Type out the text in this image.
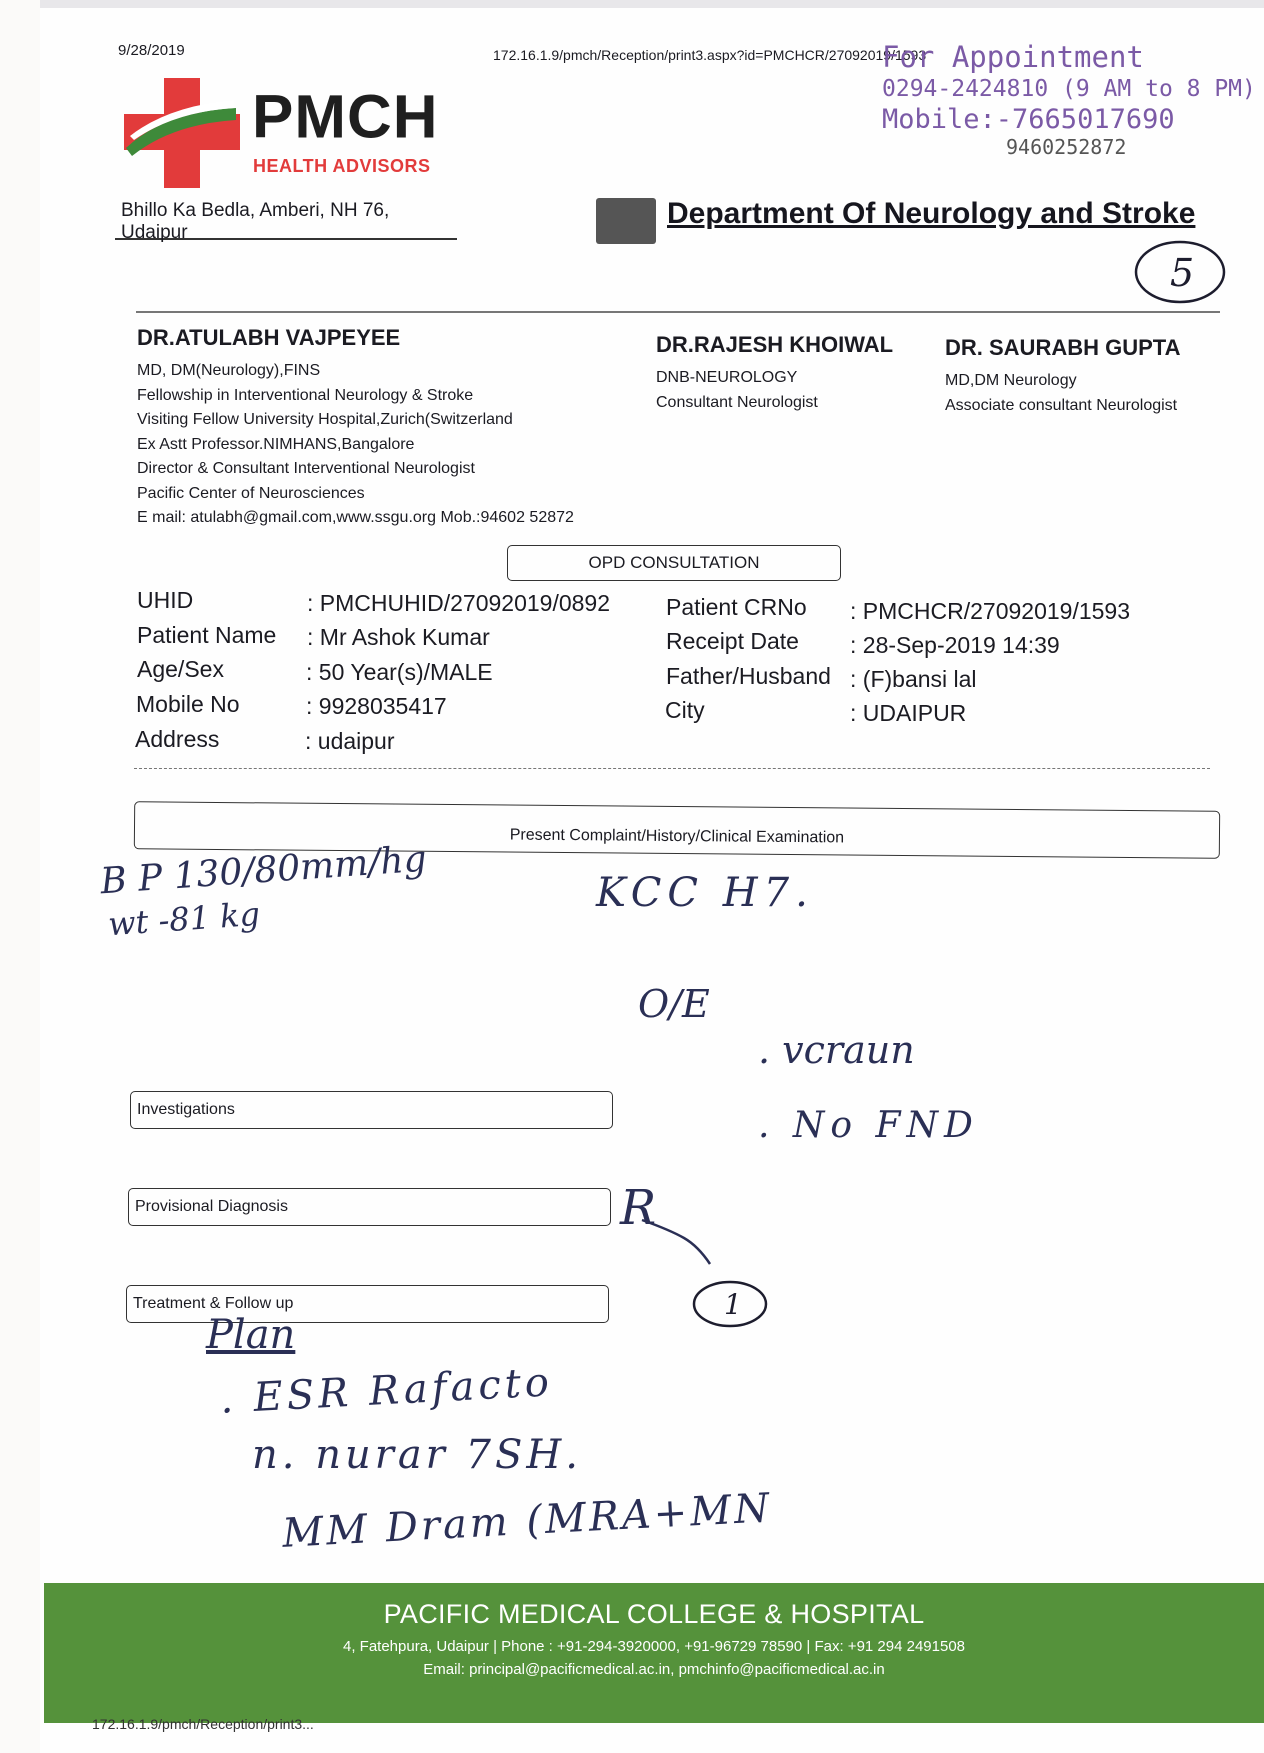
9/28/2019	172.16.1.9/pmch/Reception/print3.aspx?id=PMCHCR/27092019/1593
For Appointment
0294-2424810 (9 AM to 8 PM)
Mobile:-7665017690
9460252872
PMCH
HEALTH ADVISORS
Bhillo Ka Bedla, Amberi, NH 76, Udaipur
Department Of Neurology and Stroke
5
DR.ATULABH VAJPEYEE
MD, DM(Neurology),FINS
Fellowship in Interventional Neurology & Stroke
Visiting Fellow University Hospital,Zurich(Switzerland
Ex Astt Professor.NIMHANS,Bangalore
Director & Consultant Interventional Neurologist
Pacific Center of Neurosciences
E mail: atulabh@gmail.com,www.ssgu.org Mob.:94602 52872
DR.RAJESH KHOIWAL
DNB-NEUROLOGY
Consultant Neurologist
DR. SAURABH GUPTA
MD,DM Neurology
Associate consultant Neurologist
OPD CONSULTATION
UHID	: PMCHUHID/27092019/0892
Patient Name : Mr Ashok Kumar
Age/Sex	: 50 Year(s)/MALE
Mobile No	: 9928035417
Address	: udaipur
Patient CRNo : PMCHCR/27092019/1593
Receipt Date : 28-Sep-2019 14:39
Father/Husband : (F)bansi lal
City	: UDAIPUR
Present Complaint/History/Clinical Examination
Investigations
Provisional Diagnosis
Treatment & Follow up
B P 130/80mm/hg
wt -81 kg
KCC H7.
O/E
. vcraun
. No FND
R
1
Plan
. ESR Rafacto
n. nurar 7SH.
MM Dram (MRA+MN
PACIFIC MEDICAL COLLEGE & HOSPITAL
4, Fatehpura, Udaipur | Phone : +91-294-3920000, +91-96729 78590 | Fax: +91 294 2491508
Email: principal@pacificmedical.ac.in, pmchinfo@pacificmedical.ac.in
172.16.1.9/pmch/Reception/print3...
